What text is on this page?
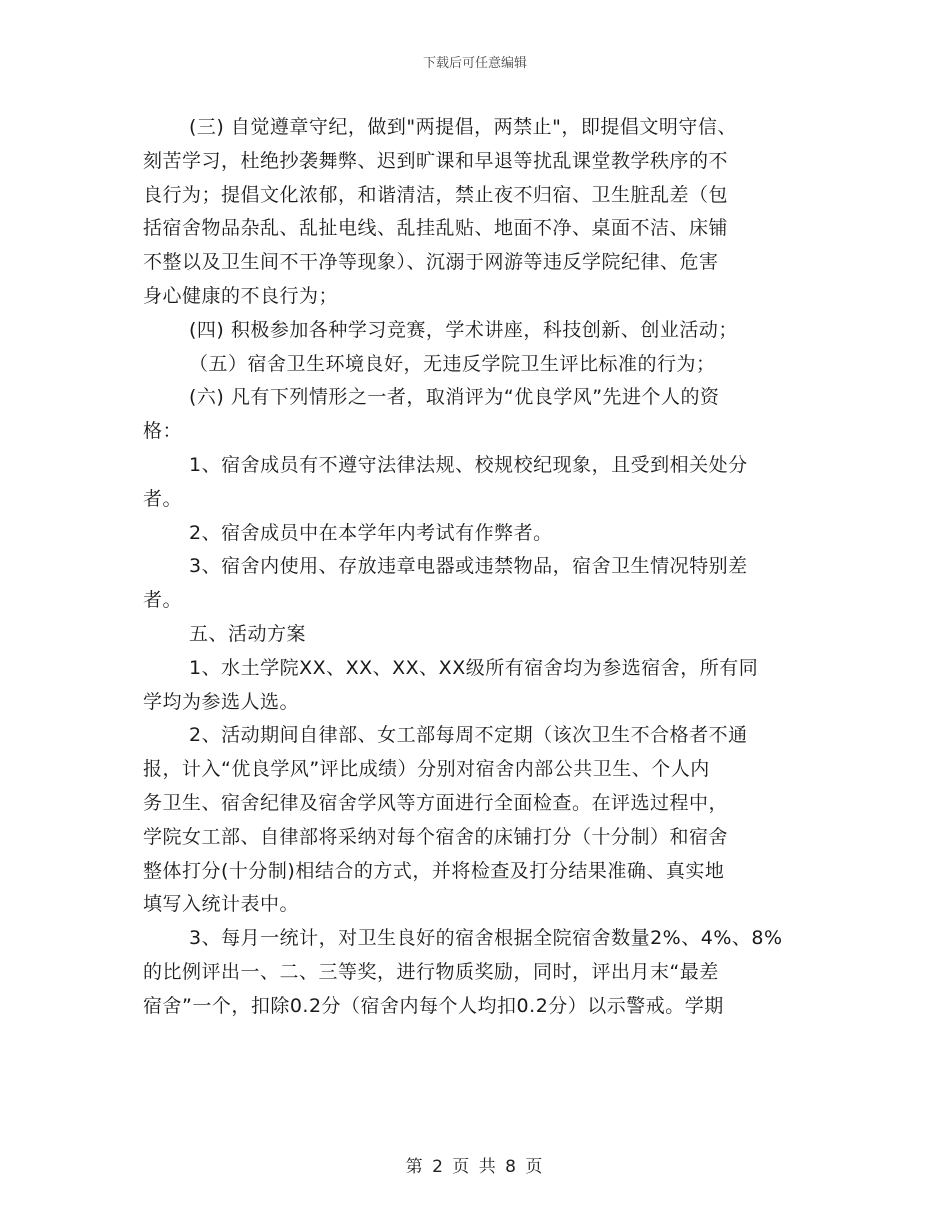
下载后可任意编辑
(三) 自觉遵章守纪，做到"两提倡，两禁止"，即提倡文明守信、
刻苦学习，杜绝抄袭舞弊、迟到旷课和早退等扰乱课堂教学秩序的不
良行为；提倡文化浓郁，和谐清洁，禁止夜不归宿、卫生脏乱差（包
括宿舍物品杂乱、乱扯电线、乱挂乱贴、地面不净、桌面不洁、床铺
不整以及卫生间不干净等现象）、沉溺于网游等违反学院纪律、危害
身心健康的不良行为；
(四) 积极参加各种学习竞赛，学术讲座，科技创新、创业活动；
（五）宿舍卫生环境良好，无违反学院卫生评比标准的行为；
(六) 凡有下列情形之一者，取消评为“优良学风”先进个人的资
格：
1、宿舍成员有不遵守法律法规、校规校纪现象，且受到相关处分
者。
2、宿舍成员中在本学年内考试有作弊者。
3、宿舍内使用、存放违章电器或违禁物品，宿舍卫生情况特别差
者。
五、活动方案
1、水土学院XX、XX、XX、XX级所有宿舍均为参选宿舍，所有同
学均为参选人选。
2、活动期间自律部、女工部每周不定期（该次卫生不合格者不通
报，计入“优良学风”评比成绩）分别对宿舍内部公共卫生、个人内
务卫生、宿舍纪律及宿舍学风等方面进行全面检查。在评选过程中，
学院女工部、自律部将采纳对每个宿舍的床铺打分（十分制）和宿舍
整体打分(十分制)相结合的方式，并将检查及打分结果准确、真实地
填写入统计表中。
3、每月一统计，对卫生良好的宿舍根据全院宿舍数量2%、4%、8%
的比例评出一、二、三等奖，进行物质奖励，同时，评出月末“最差
宿舍”一个，扣除0.2分（宿舍内每个人均扣0.2分）以示警戒。学期
第 2 页 共 8 页
